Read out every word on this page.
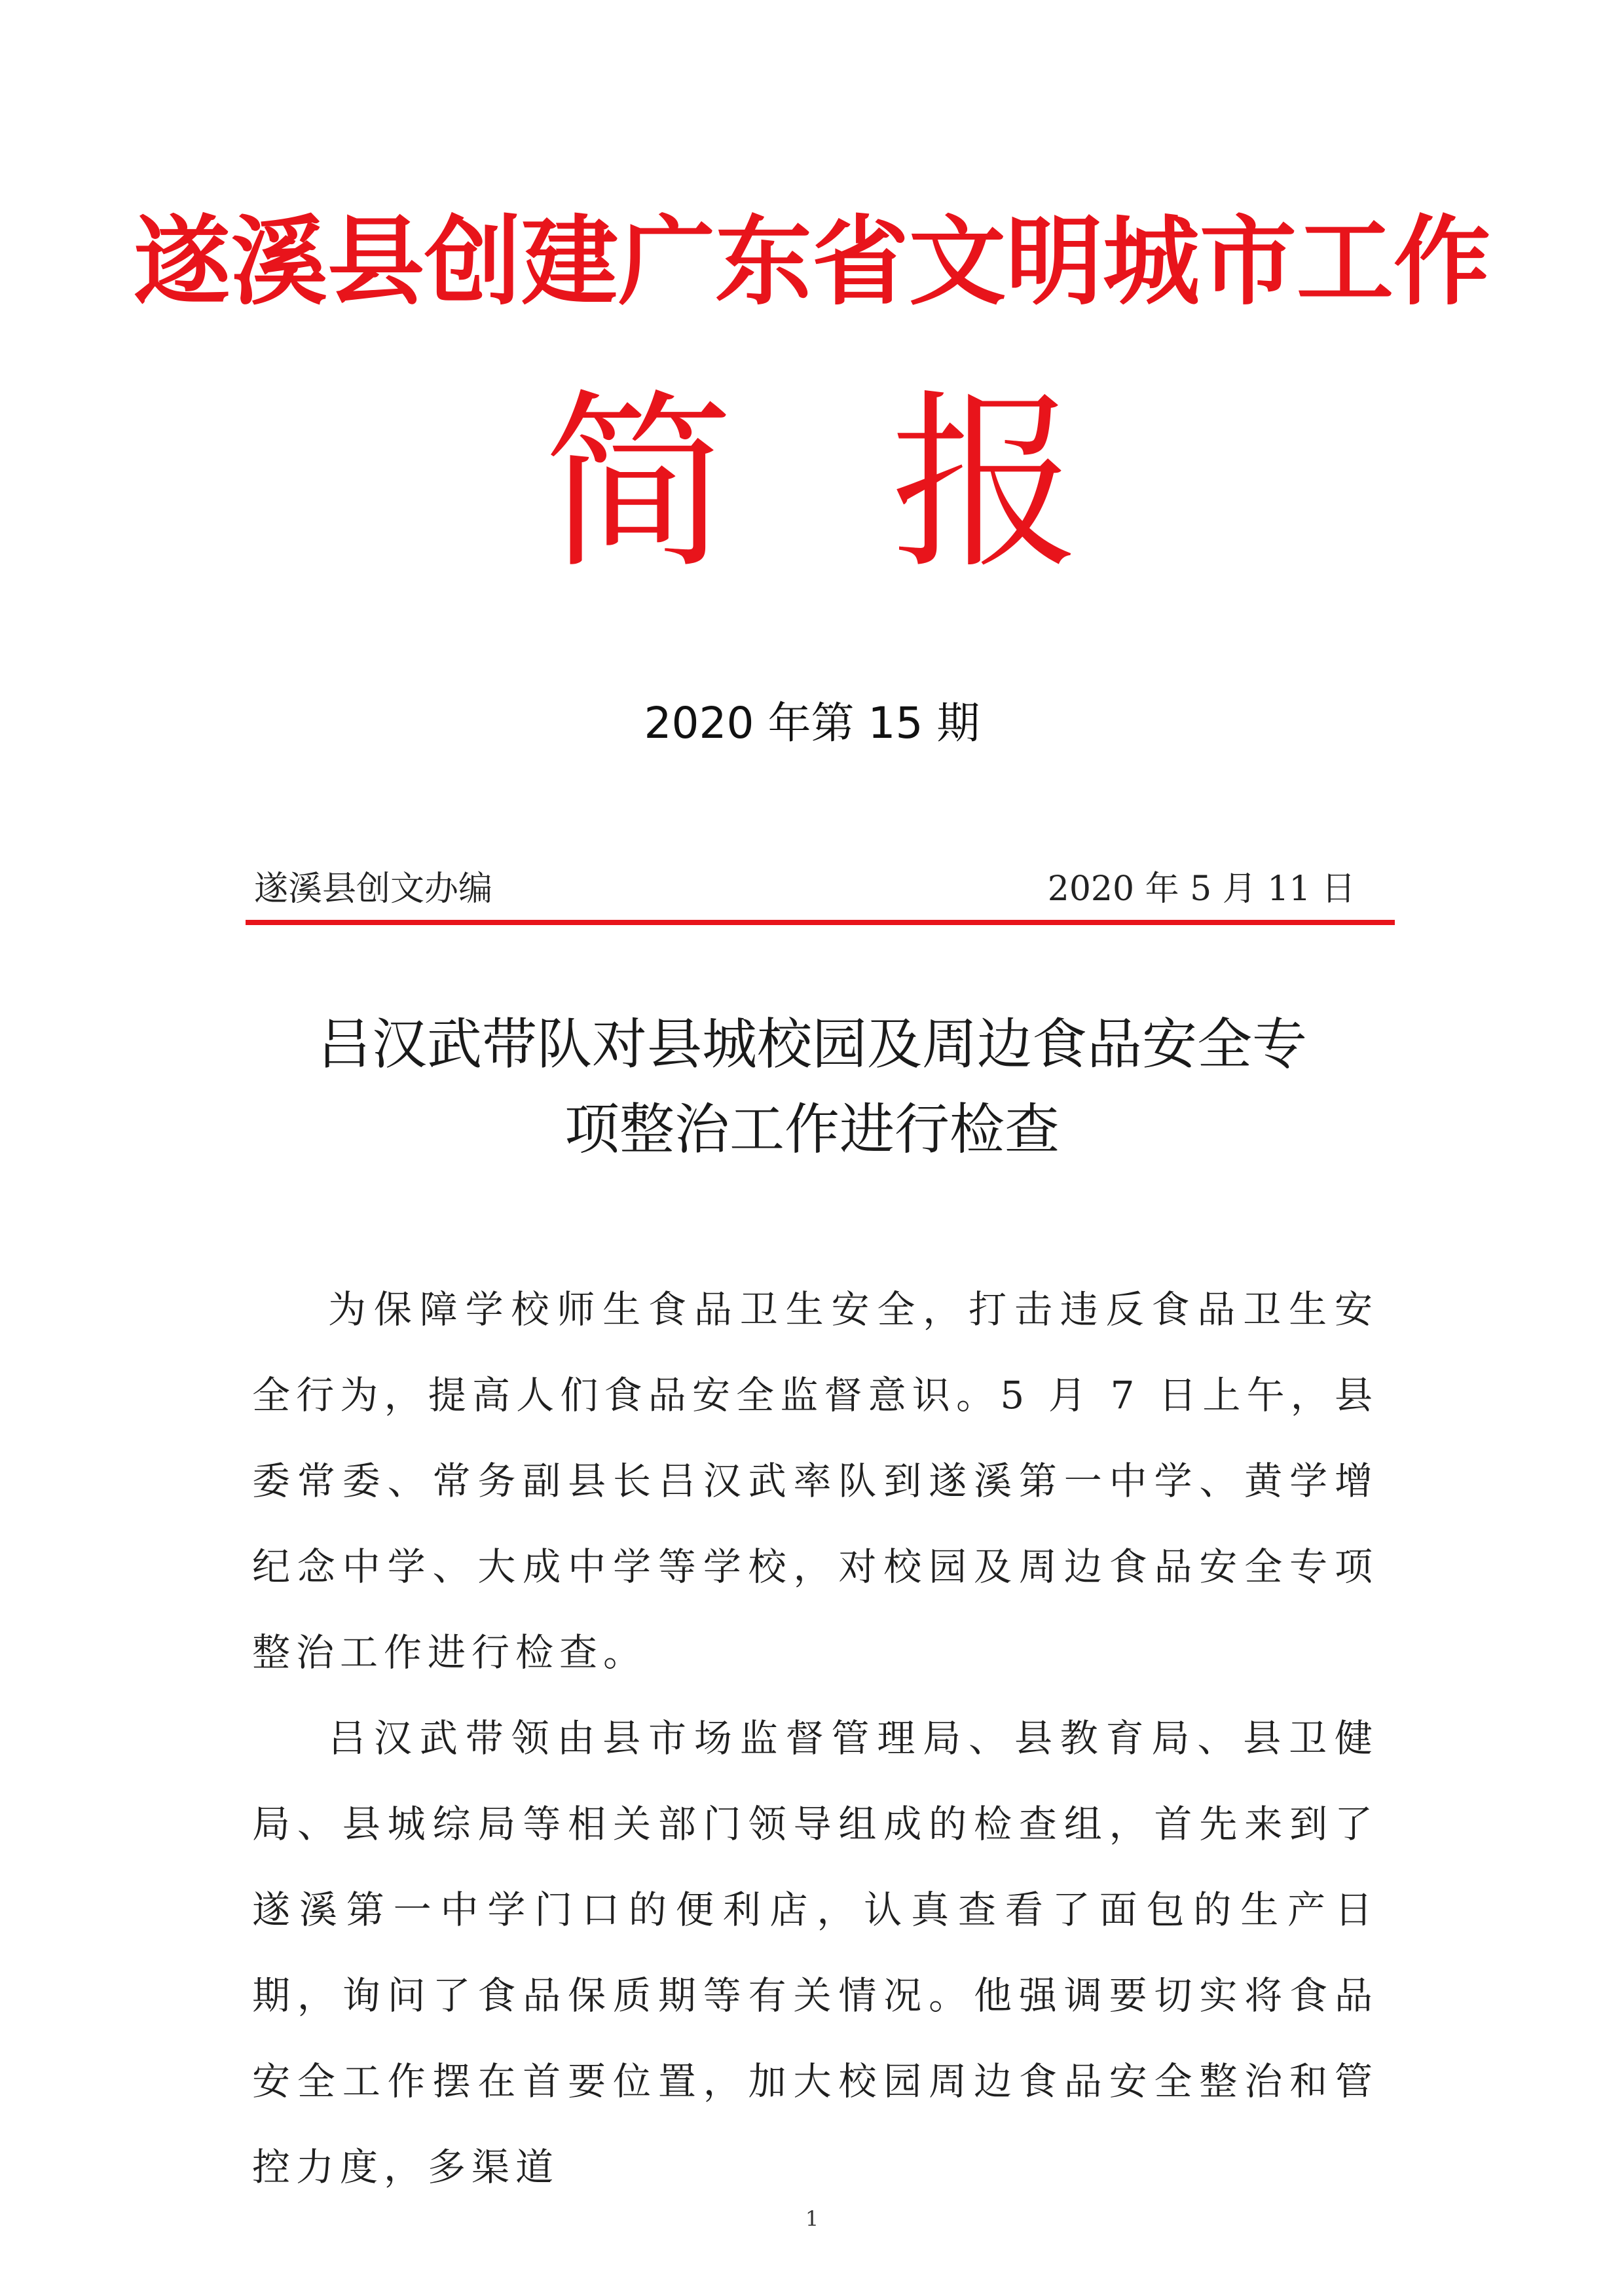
遂溪县创建广东省文明城市工作
简报
2020 年第 15 期
遂溪县创文办编	2020 年 5 月 11 日
吕汉武带队对县城校园及周边食品安全专
项整治工作进行检查

为保障学校师生食品卫生安全，打击违反食品卫生安全行为，提高人们食品安全监督意识。5 月 7 日上午，县委常委、常务副县长吕汉武率队到遂溪第一中学、黄学增纪念中学、大成中学等学校，对校园及周边食品安全专项整治工作进行检查。

吕汉武带领由县市场监督管理局、县教育局、县卫健局、县城综局等相关部门领导组成的检查组，首先来到了遂溪第一中学门口的便利店，认真查看了面包的生产日期，询问了食品保质期等有关情况。他强调要切实将食品安全工作摆在首要位置，加大校园周边食品安全整治和管控力度，多渠道

1
